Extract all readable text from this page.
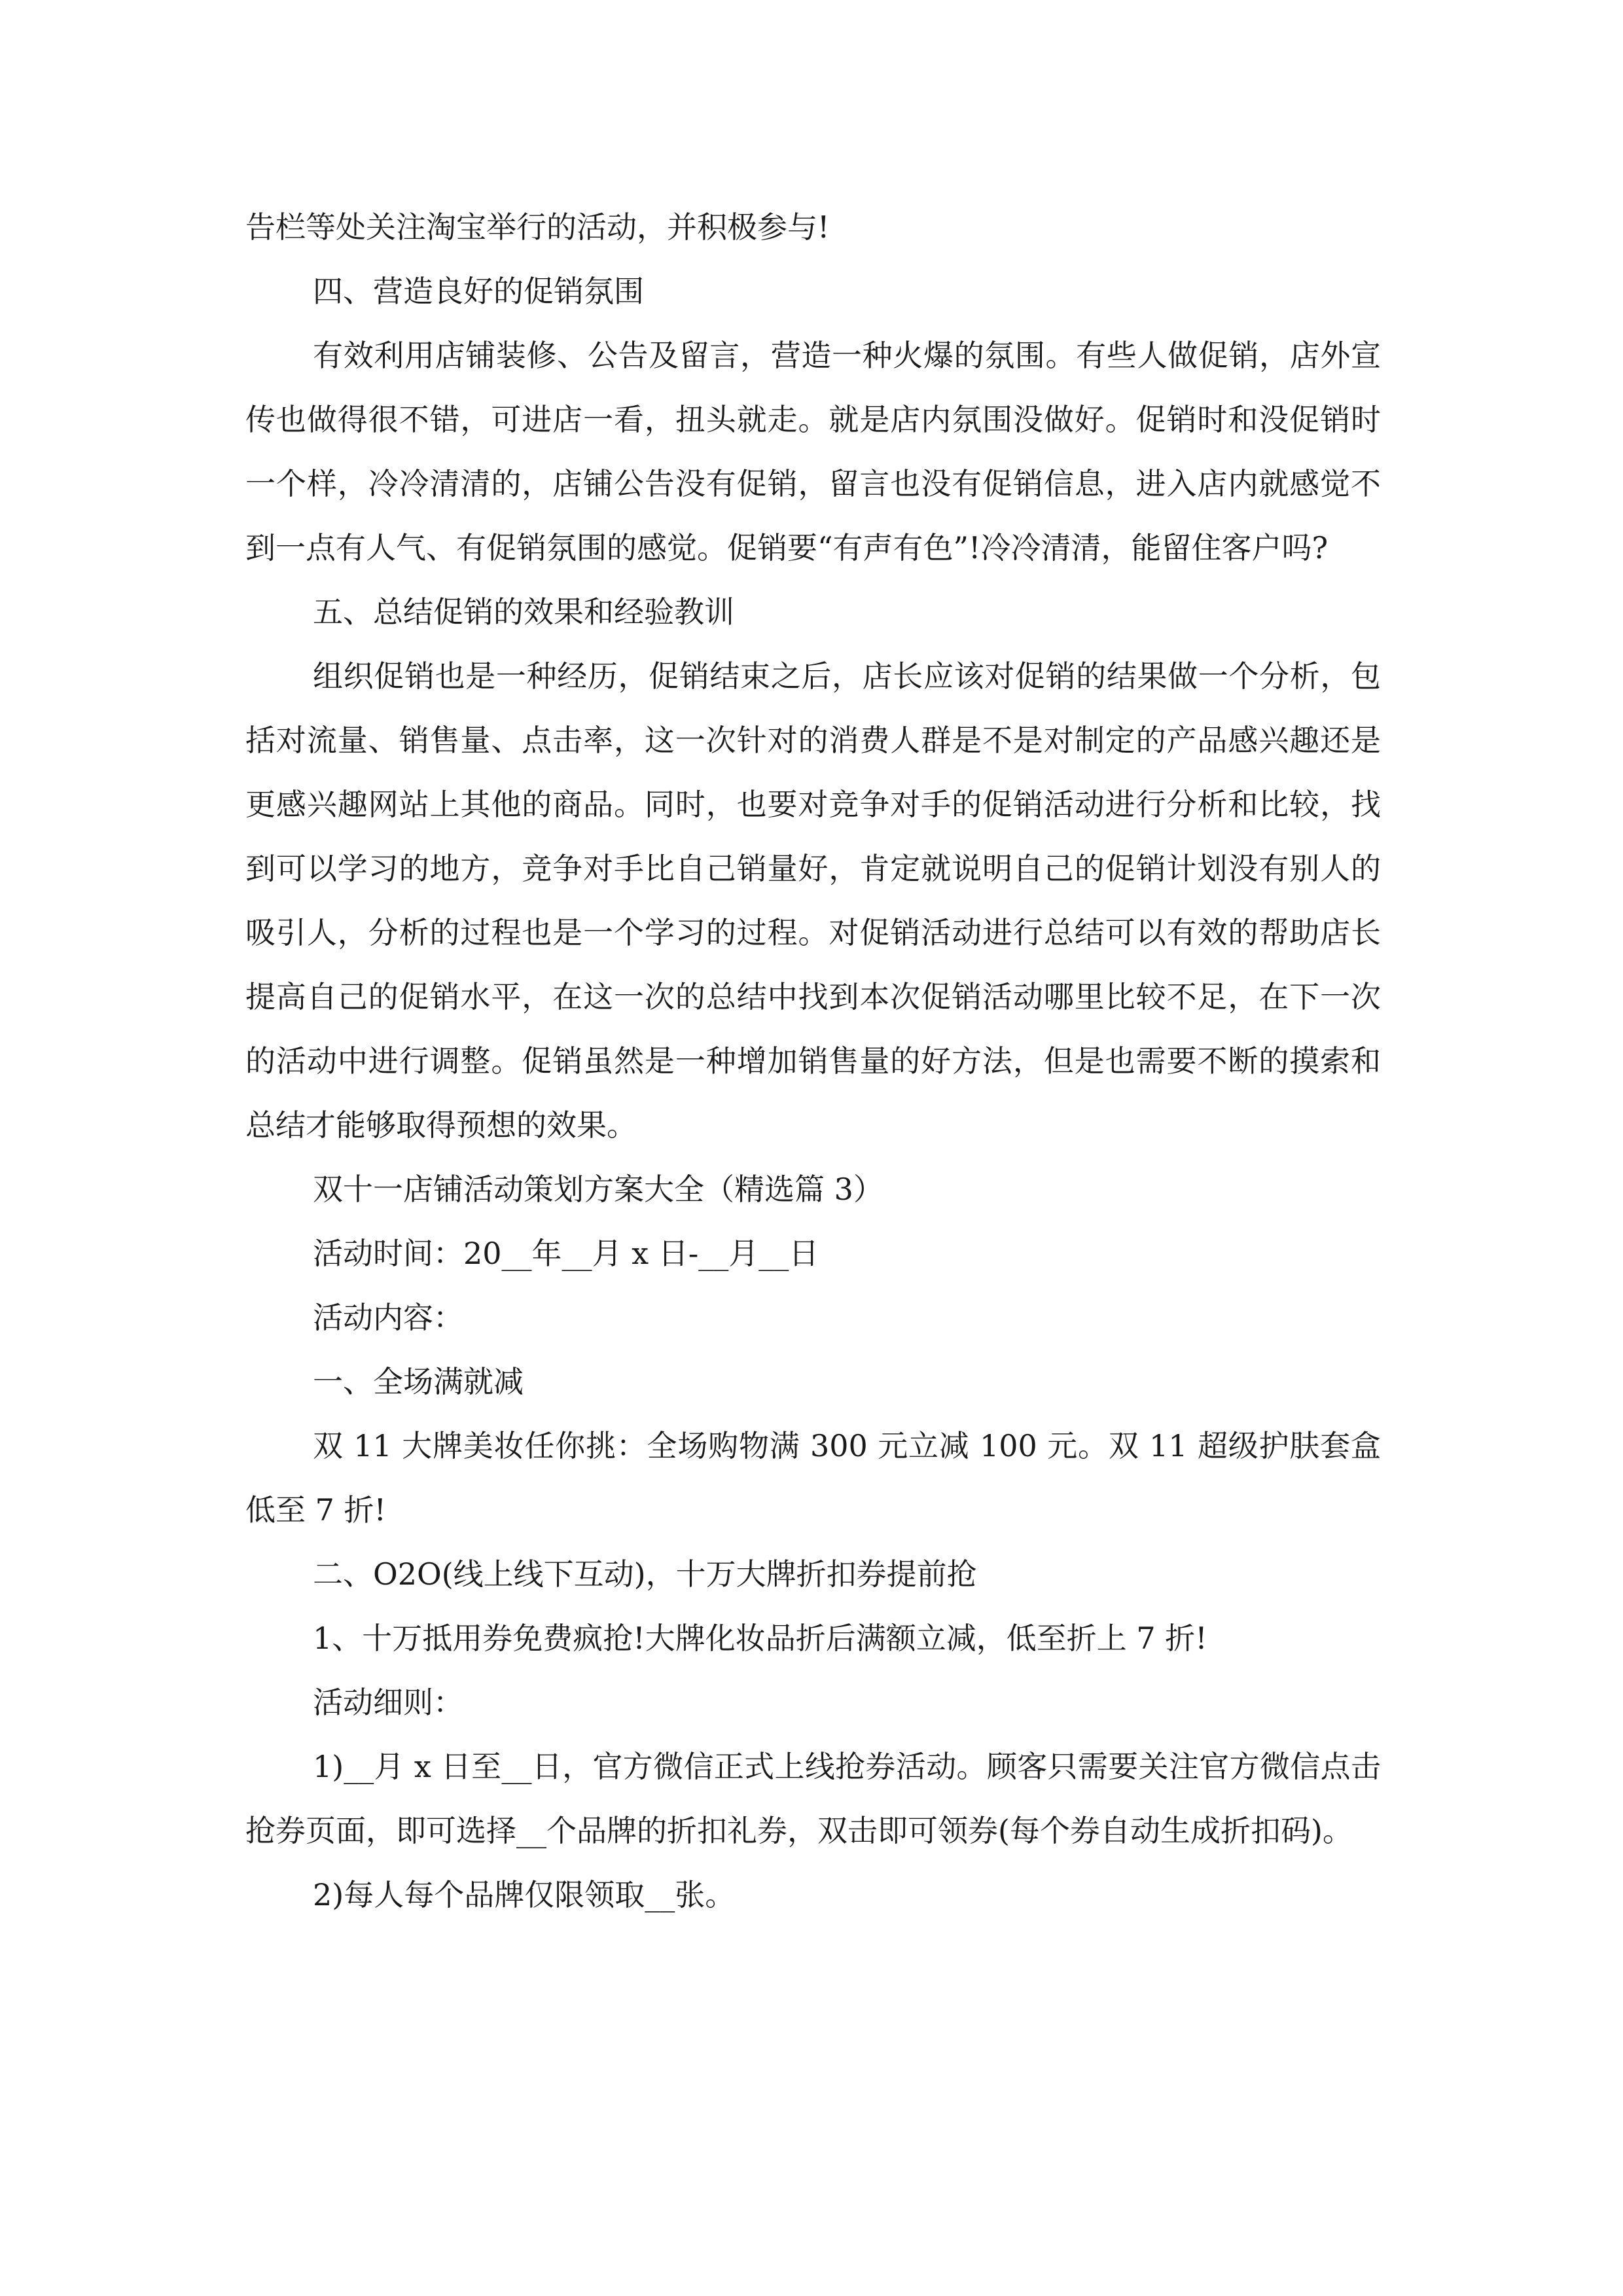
告栏等处关注淘宝举行的活动，并积极参与!

四、营造良好的促销氛围

有效利用店铺装修、公告及留言，营造一种火爆的氛围。有些人做促销，店外宣传也做得很不错，可进店一看，扭头就走。就是店内氛围没做好。促销时和没促销时一个样，冷冷清清的，店铺公告没有促销，留言也没有促销信息，进入店内就感觉不到一点有人气、有促销氛围的感觉。促销要“有声有色”!冷冷清清，能留住客户吗?

五、总结促销的效果和经验教训

组织促销也是一种经历，促销结束之后，店长应该对促销的结果做一个分析，包括对流量、销售量、点击率，这一次针对的消费人群是不是对制定的产品感兴趣还是更感兴趣网站上其他的商品。同时，也要对竞争对手的促销活动进行分析和比较，找到可以学习的地方，竞争对手比自己销量好，肯定就说明自己的促销计划没有别人的吸引人，分析的过程也是一个学习的过程。对促销活动进行总结可以有效的帮助店长提高自己的促销水平，在这一次的总结中找到本次促销活动哪里比较不足，在下一次的活动中进行调整。促销虽然是一种增加销售量的好方法，但是也需要不断的摸索和总结才能够取得预想的效果。

双十一店铺活动策划方案大全（精选篇 3）

活动时间：20__年__月 x 日-__月__日

活动内容：

一、全场满就减

双 11 大牌美妆任你挑：全场购物满 300 元立减 100 元。双 11 超级护肤套盒低至 7 折!

二、O2O(线上线下互动)，十万大牌折扣券提前抢

1、十万抵用券免费疯抢!大牌化妆品折后满额立减，低至折上 7 折!

活动细则：

1)__月 x 日至__日，官方微信正式上线抢券活动。顾客只需要关注官方微信点击抢券页面，即可选择__个品牌的折扣礼券，双击即可领券(每个券自动生成折扣码)。

2)每人每个品牌仅限领取__张。
